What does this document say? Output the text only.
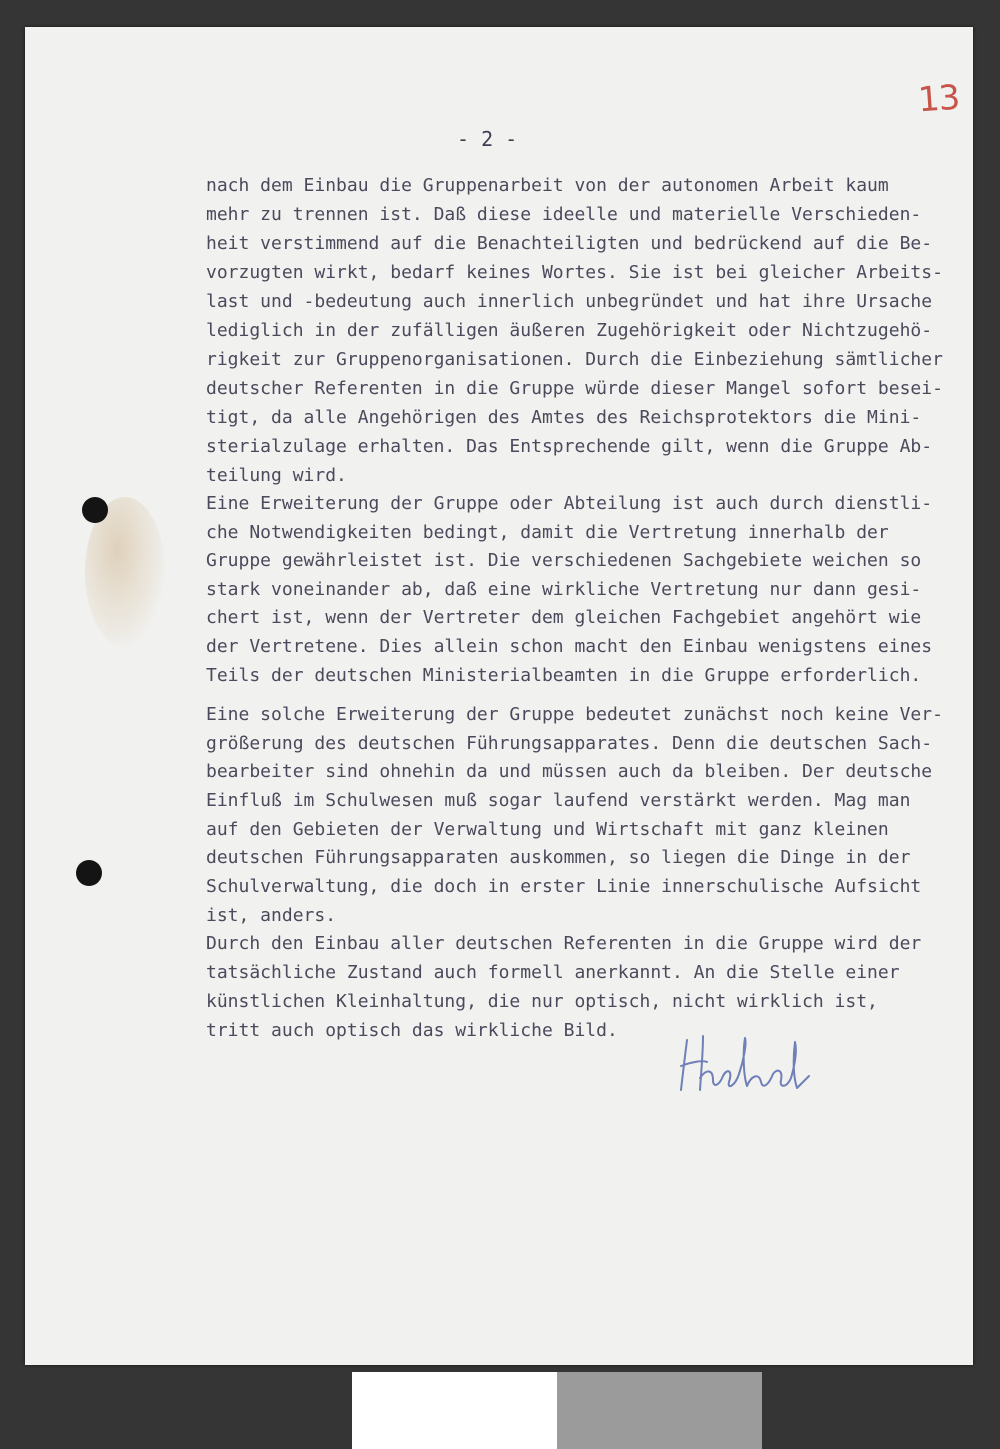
13
- 2 -
nach dem Einbau die Gruppenarbeit von der autonomen Arbeit kaum
mehr zu trennen ist. Daß diese ideelle und materielle Verschieden-
heit verstimmend auf die Benachteiligten und bedrückend auf die Be-
vorzugten wirkt, bedarf keines Wortes. Sie ist bei gleicher Arbeits-
last und -bedeutung auch innerlich unbegründet und hat ihre Ursache
lediglich in der zufälligen äußeren Zugehörigkeit oder Nichtzugehö-
rigkeit zur Gruppenorganisationen. Durch die Einbeziehung sämtlicher
deutscher Referenten in die Gruppe würde dieser Mangel sofort besei-
tigt, da alle Angehörigen des Amtes des Reichsprotektors die Mini-
sterialzulage erhalten. Das Entsprechende gilt, wenn die Gruppe Ab-
teilung wird.
Eine Erweiterung der Gruppe oder Abteilung ist auch durch dienstli-
che Notwendigkeiten bedingt, damit die Vertretung innerhalb der
Gruppe gewährleistet ist. Die verschiedenen Sachgebiete weichen so
stark voneinander ab, daß eine wirkliche Vertretung nur dann gesi-
chert ist, wenn der Vertreter dem gleichen Fachgebiet angehört wie
der Vertretene. Dies allein schon macht den Einbau wenigstens eines
Teils der deutschen Ministerialbeamten in die Gruppe erforderlich.
Eine solche Erweiterung der Gruppe bedeutet zunächst noch keine Ver-
größerung des deutschen Führungsapparates. Denn die deutschen Sach-
bearbeiter sind ohnehin da und müssen auch da bleiben. Der deutsche
Einfluß im Schulwesen muß sogar laufend verstärkt werden. Mag man
auf den Gebieten der Verwaltung und Wirtschaft mit ganz kleinen
deutschen Führungsapparaten auskommen, so liegen die Dinge in der
Schulverwaltung, die doch in erster Linie innerschulische Aufsicht
ist, anders.
Durch den Einbau aller deutschen Referenten in die Gruppe wird der
tatsächliche Zustand auch formell anerkannt. An die Stelle einer
künstlichen Kleinhaltung, die nur optisch, nicht wirklich ist,
tritt auch optisch das wirkliche Bild.
